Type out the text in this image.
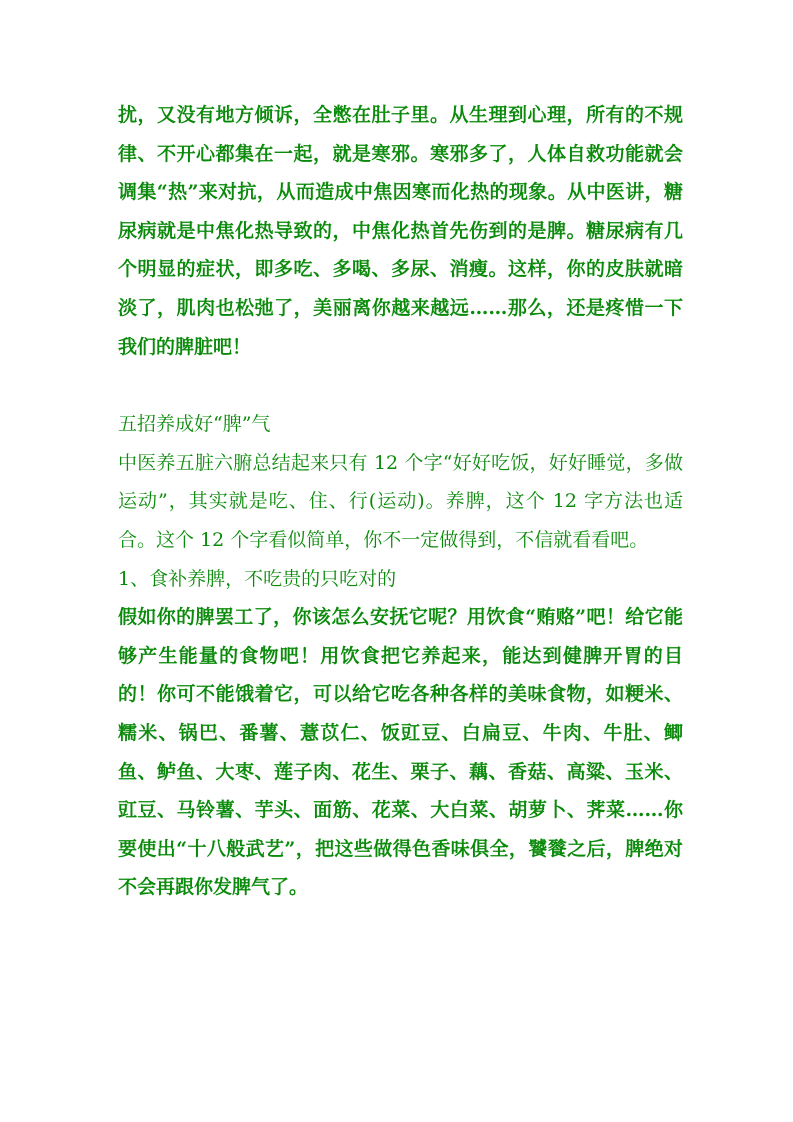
扰，又没有地方倾诉，全憋在肚子里。从生理到心理，所有的不规律、不开心都集在一起，就是寒邪。寒邪多了，人体自救功能就会调集“热”来对抗，从而造成中焦因寒而化热的现象。从中医讲，糖尿病就是中焦化热导致的，中焦化热首先伤到的是脾。糖尿病有几个明显的症状，即多吃、多喝、多尿、消瘦。这样，你的皮肤就暗淡了，肌肉也松弛了，美丽离你越来越远……那么，还是疼惜一下我们的脾脏吧！

五招养成好“脾”气

中医养五脏六腑总结起来只有 12 个字“好好吃饭，好好睡觉，多做运动”，其实就是吃、住、行(运动)。养脾，这个 12 字方法也适合。这个 12 个字看似简单，你不一定做得到，不信就看看吧。

1、食补养脾，不吃贵的只吃对的

假如你的脾罢工了，你该怎么安抚它呢？用饮食“贿赂”吧！给它能够产生能量的食物吧！用饮食把它养起来，能达到健脾开胃的目的！你可不能饿着它，可以给它吃各种各样的美味食物，如粳米、糯米、锅巴、番薯、薏苡仁、饭豇豆、白扁豆、牛肉、牛肚、鲫鱼、鲈鱼、大枣、莲子肉、花生、栗子、藕、香菇、高粱、玉米、豇豆、马铃薯、芋头、面筋、花菜、大白菜、胡萝卜、荠菜……你要使出“十八般武艺”，把这些做得色香味俱全，饕餮之后，脾绝对不会再跟你发脾气了。
